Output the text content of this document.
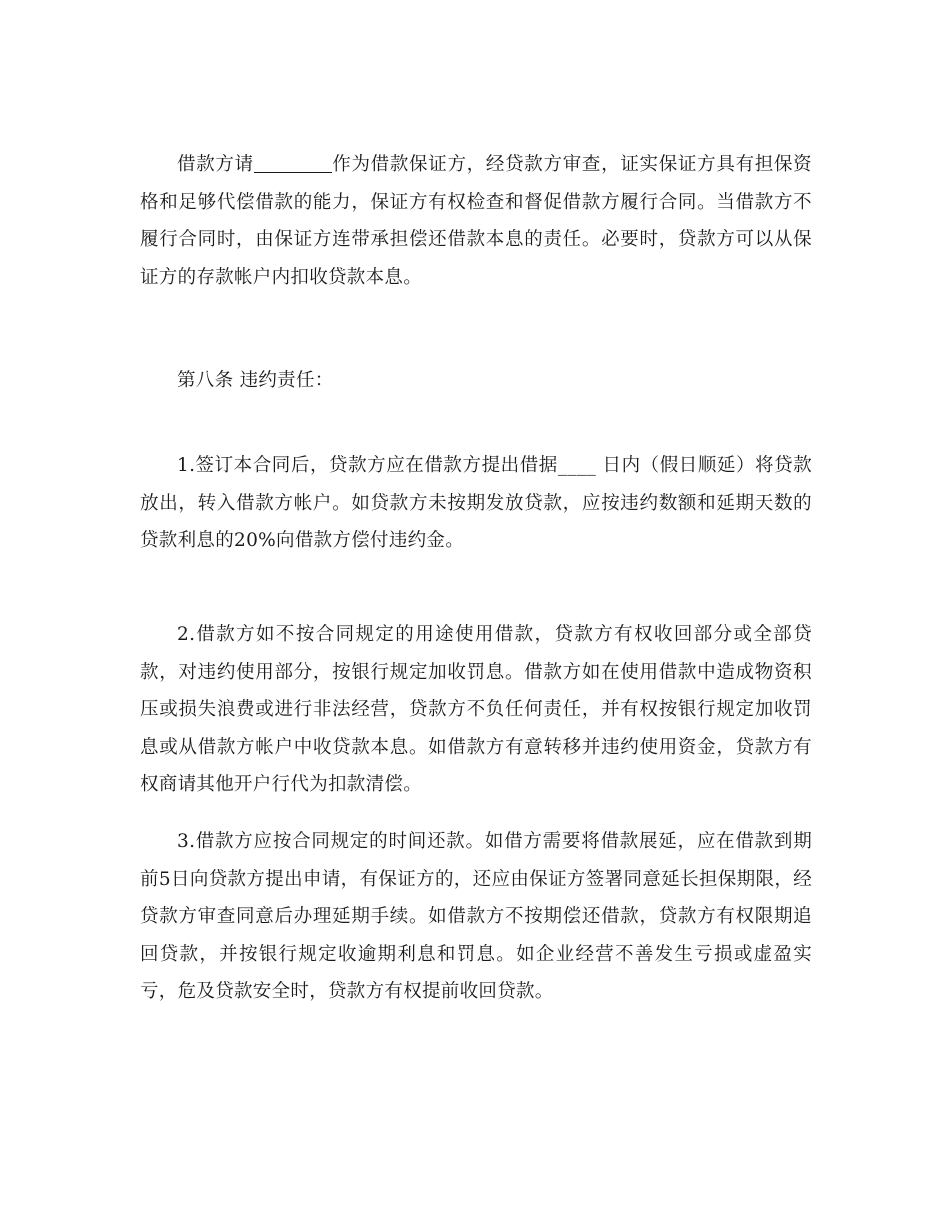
借款方请	作为借款保证方，经贷款方审查，证实保证方具有担保资格和足够代偿借款的能力，保证方有权检查和督促借款方履行合同。当借款方不履行合同时，由保证方连带承担偿还借款本息的责任。必要时，贷款方可以从保证方的存款帐户内扣收贷款本息。

第八条 违约责任：

1.签订本合同后，贷款方应在借款方提出借据____ 日内（假日顺延）将贷款放出，转入借款方帐户。如贷款方未按期发放贷款，应按违约数额和延期天数的贷款利息的20%向借款方偿付违约金。

2.借款方如不按合同规定的用途使用借款，贷款方有权收回部分或全部贷款，对违约使用部分，按银行规定加收罚息。借款方如在使用借款中造成物资积压或损失浪费或进行非法经营，贷款方不负任何责任，并有权按银行规定加收罚息或从借款方帐户中收贷款本息。如借款方有意转移并违约使用资金，贷款方有权商请其他开户行代为扣款清偿。

3.借款方应按合同规定的时间还款。如借方需要将借款展延，应在借款到期前5日向贷款方提出申请，有保证方的，还应由保证方签署同意延长担保期限，经贷款方审查同意后办理延期手续。如借款方不按期偿还借款，贷款方有权限期追回贷款，并按银行规定收逾期利息和罚息。如企业经营不善发生亏损或虚盈实亏，危及贷款安全时，贷款方有权提前收回贷款。
